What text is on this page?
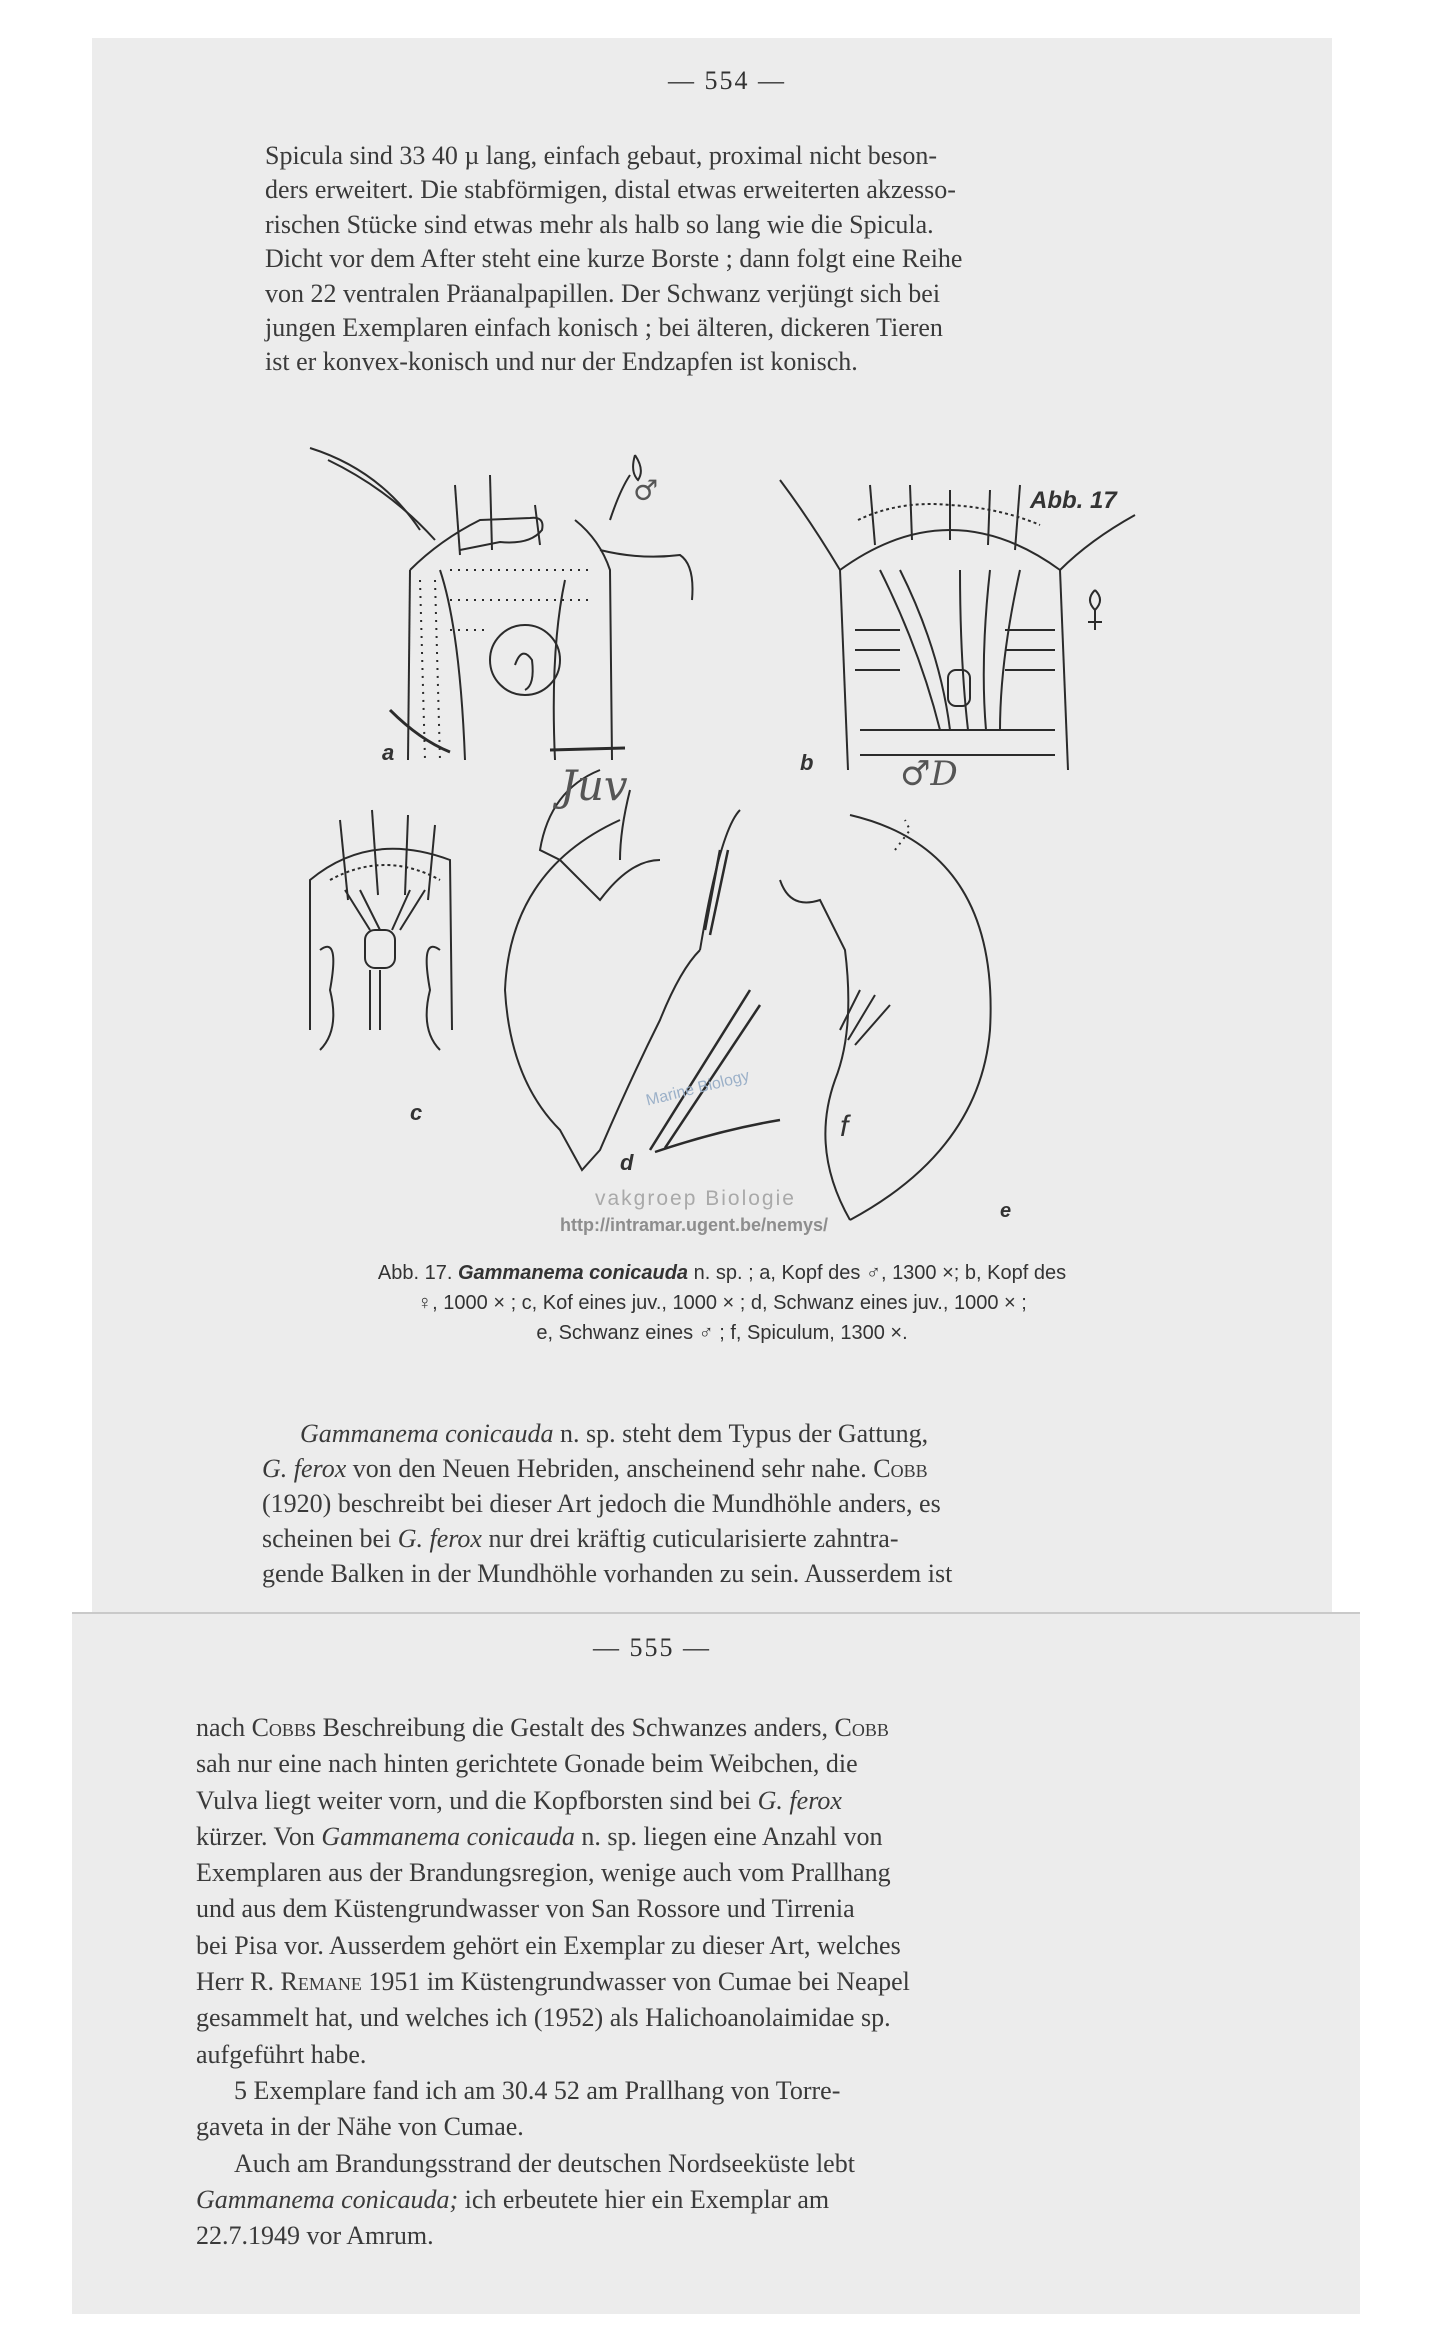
— 554 —

Spicula sind 33 40 µ lang, einfach gebaut, proximal nicht beson-

ders erweitert. Die stabförmigen, distal etwas erweiterten akzesso-

rischen Stücke sind etwas mehr als halb so lang wie die Spicula.

Dicht vor dem After steht eine kurze Borste ; dann folgt eine Reihe

von 22 ventralen Präanalpapillen. Der Schwanz verjüngt sich bei

jungen Exemplaren einfach konisch ; bei älteren, dickeren Tieren

ist er konvex-konisch und nur der Endzapfen ist konisch.

Juv	♂D
♂	Abb. 17
a	b
c
d
e
f
Marine Biology
vakgroep Biologie
http://intramar.ugent.be/nemys/

Abb. 17. Gammanema conicauda n. sp. ; a, Kopf des ♂, 1300 ×; b, Kopf des

♀, 1000 × ; c, Kof eines juv., 1000 × ; d, Schwanz eines juv., 1000 × ;

e, Schwanz eines ♂ ; f, Spiculum, 1300 ×.

Gammanema conicauda n. sp. steht dem Typus der Gattung,

G. ferox von den Neuen Hebriden, anscheinend sehr nahe. Cobb

(1920) beschreibt bei dieser Art jedoch die Mundhöhle anders, es

scheinen bei G. ferox nur drei kräftig cuticularisierte zahntra-

gende Balken in der Mundhöhle vorhanden zu sein. Ausserdem ist

— 555 —

nach Cobbs Beschreibung die Gestalt des Schwanzes anders, Cobb

sah nur eine nach hinten gerichtete Gonade beim Weibchen, die

Vulva liegt weiter vorn, und die Kopfborsten sind bei G. ferox

kürzer. Von Gammanema conicauda n. sp. liegen eine Anzahl von

Exemplaren aus der Brandungsregion, wenige auch vom Prallhang

und aus dem Küstengrundwasser von San Rossore und Tirrenia

bei Pisa vor. Ausserdem gehört ein Exemplar zu dieser Art, welches

Herr R. Remane 1951 im Küstengrundwasser von Cumae bei Neapel

gesammelt hat, und welches ich (1952) als Halichoanolaimidae sp.

aufgeführt habe.

5 Exemplare fand ich am 30.4 52 am Prallhang von Torre-

gaveta in der Nähe von Cumae.

Auch am Brandungsstrand der deutschen Nordseeküste lebt

Gammanema conicauda; ich erbeutete hier ein Exemplar am

22.7.1949 vor Amrum.
